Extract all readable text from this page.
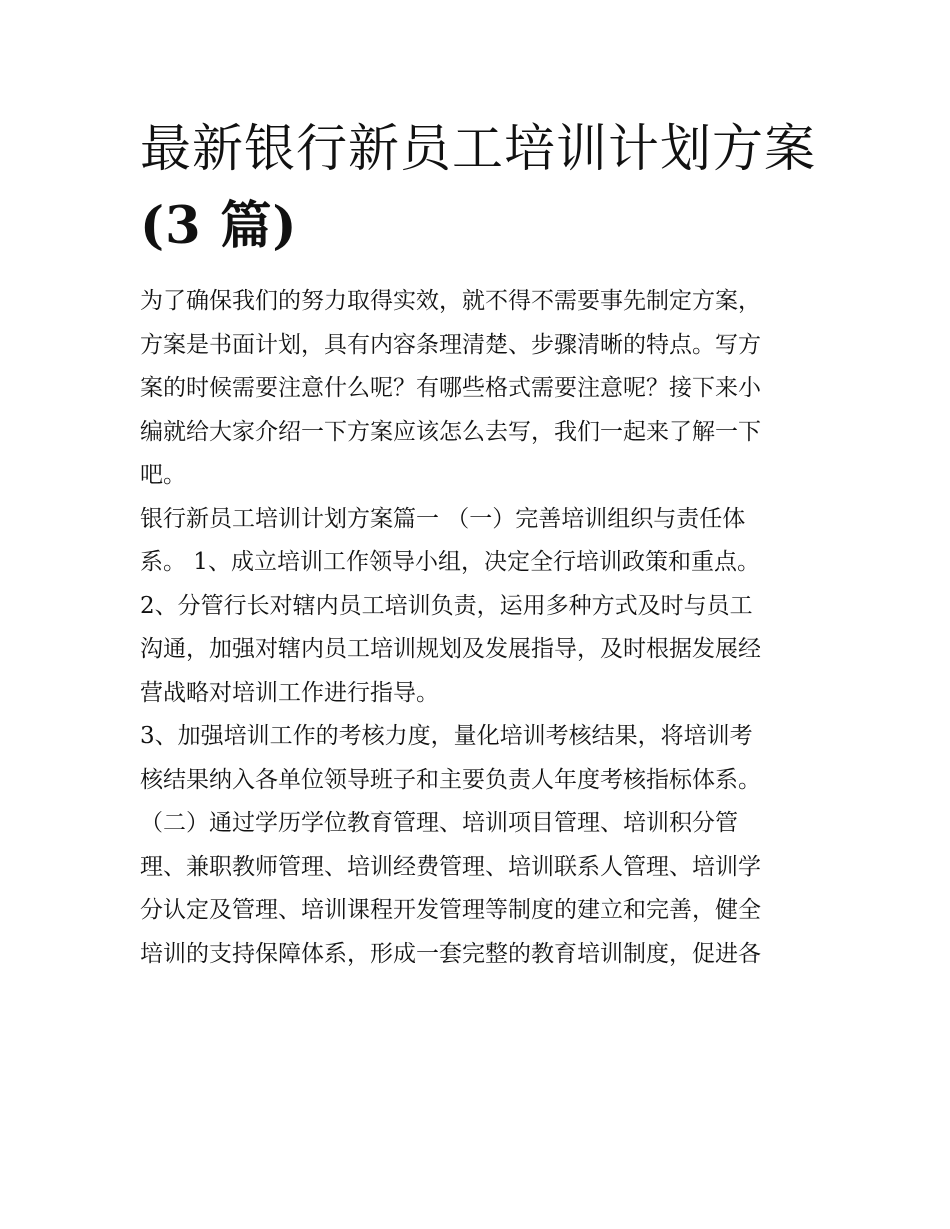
最新银行新员工培训计划方案
(3 篇)

为了确保我们的努力取得实效，就不得不需要事先制定方案，
方案是书面计划，具有内容条理清楚、步骤清晰的特点。写方
案的时候需要注意什么呢？有哪些格式需要注意呢？接下来小
编就给大家介绍一下方案应该怎么去写，我们一起来了解一下
吧。

银行新员工培训计划方案篇一 （一）完善培训组织与责任体
系。 1、成立培训工作领导小组，决定全行培训政策和重点。

2、分管行长对辖内员工培训负责，运用多种方式及时与员工
沟通，加强对辖内员工培训规划及发展指导，及时根据发展经
营战略对培训工作进行指导。

3、加强培训工作的考核力度，量化培训考核结果，将培训考
核结果纳入各单位领导班子和主要负责人年度考核指标体系。
（二）通过学历学位教育管理、培训项目管理、培训积分管
理、兼职教师管理、培训经费管理、培训联系人管理、培训学
分认定及管理、培训课程开发管理等制度的建立和完善，健全
培训的支持保障体系，形成一套完整的教育培训制度，促进各
